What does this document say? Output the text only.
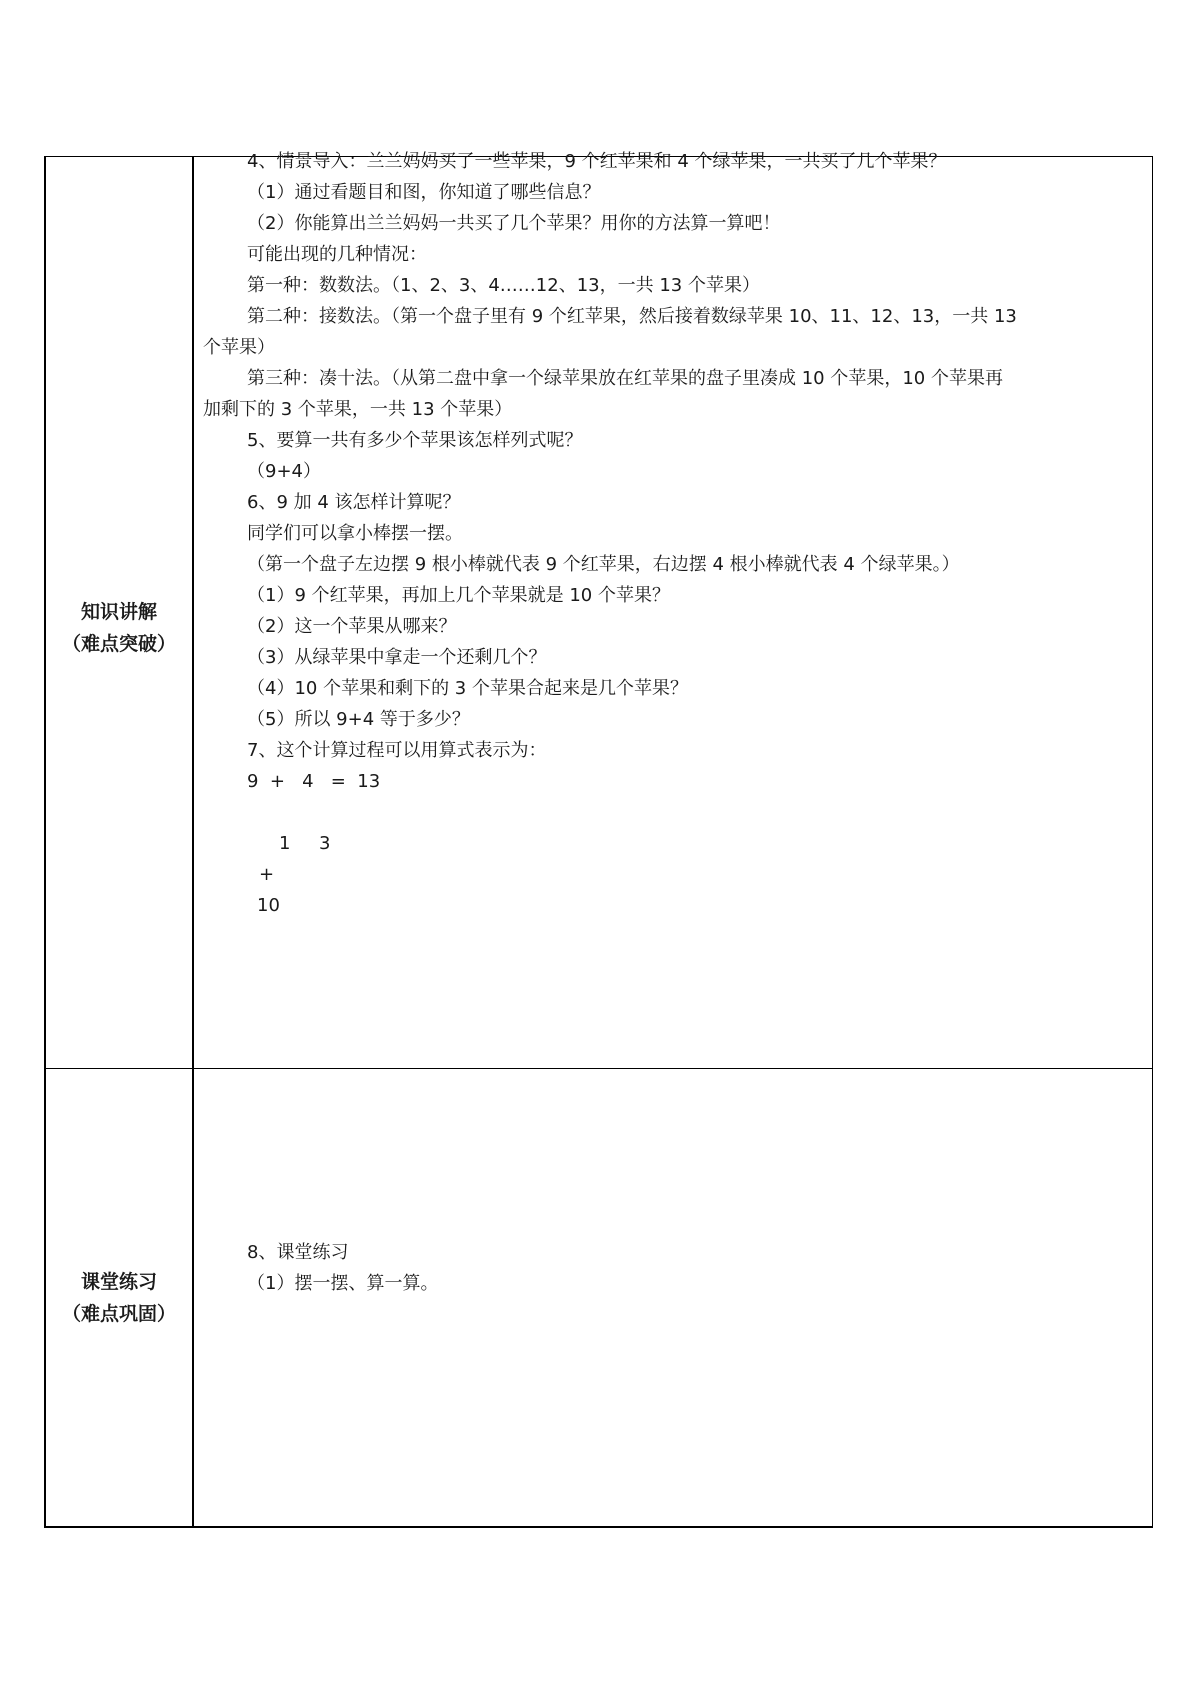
知识讲解
（难点突破）
课堂练习
（难点巩固）
4、情景导入：兰兰妈妈买了一些苹果，9 个红苹果和 4 个绿苹果，一共买了几个苹果？
（1）通过看题目和图，你知道了哪些信息？
（2）你能算出兰兰妈妈一共买了几个苹果？用你的方法算一算吧！
可能出现的几种情况：
第一种：数数法。（1、2、3、4……12、13，一共 13 个苹果）
第二种：接数法。（第一个盘子里有 9 个红苹果，然后接着数绿苹果 10、11、12、13，一共 13
个苹果）
第三种：凑十法。（从第二盘中拿一个绿苹果放在红苹果的盘子里凑成 10 个苹果，10 个苹果再
加剩下的 3 个苹果，一共 13 个苹果）
5、要算一共有多少个苹果该怎样列式呢？
（9+4）
6、9 加 4 该怎样计算呢？
同学们可以拿小棒摆一摆。
（第一个盘子左边摆 9 根小棒就代表 9 个红苹果，右边摆 4 根小棒就代表 4 个绿苹果。）
（1）9 个红苹果，再加上几个苹果就是 10 个苹果？
（2）这一个苹果从哪来？
（3）从绿苹果中拿走一个还剩几个？
（4）10 个苹果和剩下的 3 个苹果合起来是几个苹果？
（5）所以 9+4 等于多少？
7、这个计算过程可以用算式表示为：
9  +   4   =  13
1     3
+
10
8、课堂练习
（1）摆一摆、算一算。
